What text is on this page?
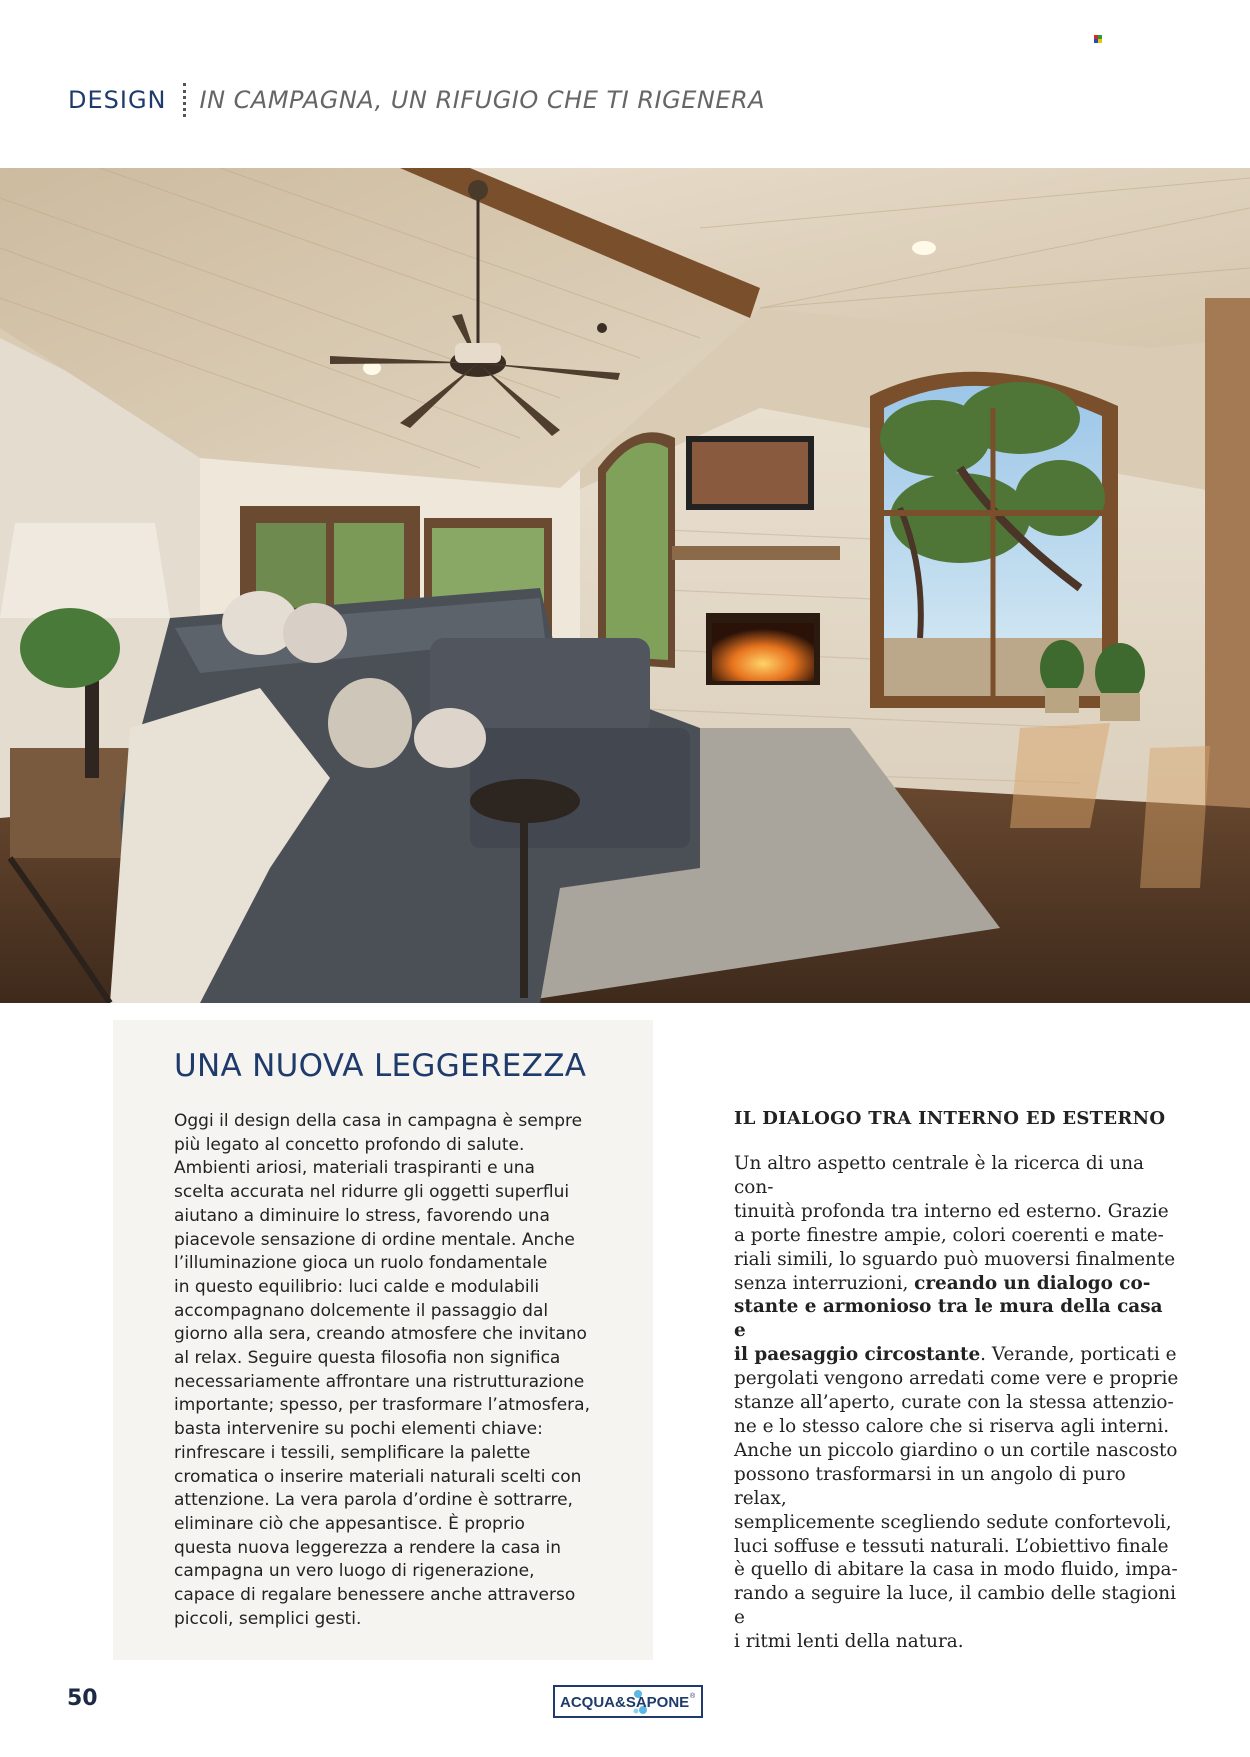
DESIGN IN CAMPAGNA, UN RIFUGIO CHE TI RIGENERA
UNA NUOVA LEGGEREZZA
Oggi il design della casa in campagna è sempre
più legato al concetto profondo di salute.
Ambienti ariosi, materiali traspiranti e una
scelta accurata nel ridurre gli oggetti superflui
aiutano a diminuire lo stress, favorendo una
piacevole sensazione di ordine mentale. Anche
l’illuminazione gioca un ruolo fondamentale
in questo equilibrio: luci calde e modulabili
accompagnano dolcemente il passaggio dal
giorno alla sera, creando atmosfere che invitano
al relax. Seguire questa filosofia non significa
necessariamente affrontare una ristrutturazione
importante; spesso, per trasformare l’atmosfera,
basta intervenire su pochi elementi chiave:
rinfrescare i tessili, semplificare la palette
cromatica o inserire materiali naturali scelti con
attenzione. La vera parola d’ordine è sottrarre,
eliminare ciò che appesantisce. È proprio
questa nuova leggerezza a rendere la casa in
campagna un vero luogo di rigenerazione,
capace di regalare benessere anche attraverso
piccoli, semplici gesti.
IL DIALOGO TRA INTERNO ED ESTERNO
Un altro aspetto centrale è la ricerca di una con-
tinuità profonda tra interno ed esterno. Grazie
a porte finestre ampie, colori coerenti e mate-
riali simili, lo sguardo può muoversi finalmente
senza interruzioni, creando un dialogo co-
stante e armonioso tra le mura della casa e
il paesaggio circostante. Verande, porticati e
pergolati vengono arredati come vere e proprie
stanze all’aperto, curate con la stessa attenzio-
ne e lo stesso calore che si riserva agli interni.
Anche un piccolo giardino o un cortile nascosto
possono trasformarsi in un angolo di puro relax,
semplicemente scegliendo sedute confortevoli,
luci soffuse e tessuti naturali. L’obiettivo finale
è quello di abitare la casa in modo fluido, impa-
rando a seguire la luce, il cambio delle stagioni e
i ritmi lenti della natura.
50	ACQUA&SAPONE ®
